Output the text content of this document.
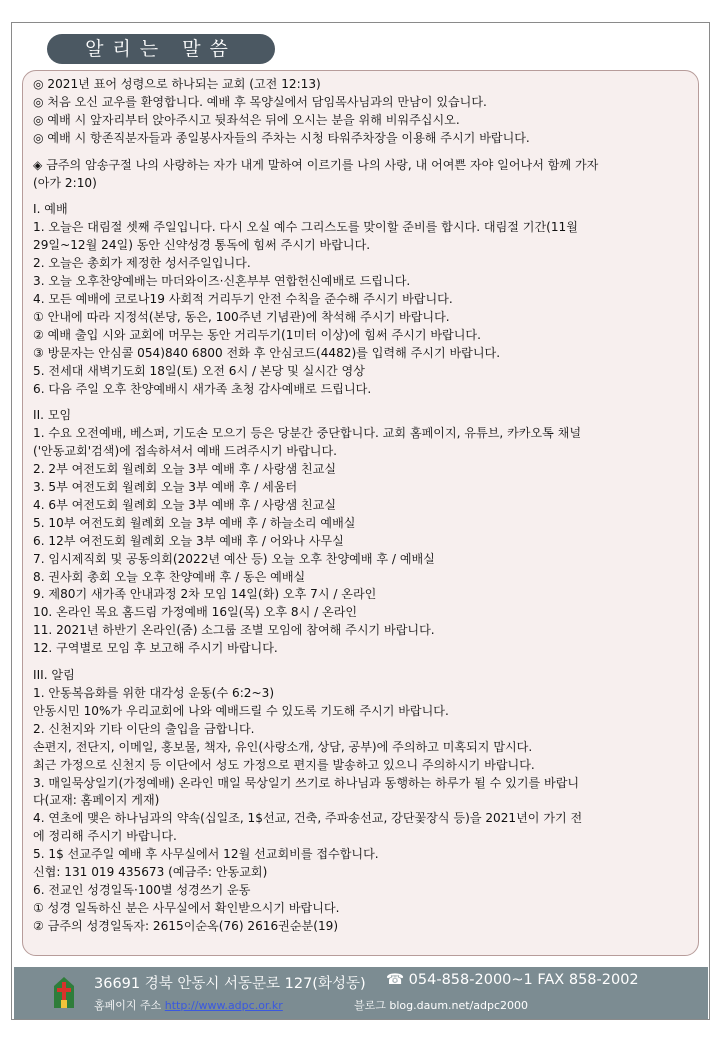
알리는 말씀
◎ 2021년 표어 성령으로 하나되는 교회 (고전 12:13)
◎ 처음 오신 교우를 환영합니다. 예배 후 목양실에서 담임목사님과의 만남이 있습니다.
◎ 예배 시 앞자리부터 앉아주시고 뒷좌석은 뒤에 오시는 분을 위해 비워주십시오.
◎ 예배 시 항존직분자들과 종일봉사자들의 주차는 시청 타워주차장을 이용해 주시기 바랍니다.
◈ 금주의 암송구절 나의 사랑하는 자가 내게 말하여 이르기를 나의 사랑, 내 어여쁜 자야 일어나서 함께 가자
(아가 2:10)
I. 예배
1. 오늘은 대림절 셋째 주일입니다. 다시 오실 예수 그리스도를 맞이할 준비를 합시다. 대림절 기간(11월
29일~12월 24일) 동안 신약성경 통독에 힘써 주시기 바랍니다.
2. 오늘은 총회가 제정한 성서주일입니다.
3. 오늘 오후찬양예배는 마더와이즈·신혼부부 연합헌신예배로 드립니다.
4. 모든 예배에 코로나19 사회적 거리두기 안전 수칙을 준수해 주시기 바랍니다.
① 안내에 따라 지정석(본당, 동은, 100주년 기념관)에 착석해 주시기 바랍니다.
② 예배 출입 시와 교회에 머무는 동안 거리두기(1미터 이상)에 힘써 주시기 바랍니다.
③ 방문자는 안심콜 054)840 6800 전화 후 안심코드(4482)를 입력해 주시기 바랍니다.
5. 전세대 새벽기도회 18일(토) 오전 6시 / 본당 및 실시간 영상
6. 다음 주일 오후 찬양예배시 새가족 초청 감사예배로 드립니다.
II. 모임
1. 수요 오전예배, 베스퍼, 기도손 모으기 등은 당분간 중단합니다. 교회 홈페이지, 유튜브, 카카오톡 채널
('안동교회'검색)에 접속하셔서 예배 드려주시기 바랍니다.
2. 2부 여전도회 월례회 오늘 3부 예배 후 / 사랑샘 친교실
3. 5부 여전도회 월례회 오늘 3부 예배 후 / 세움터
4. 6부 여전도회 월례회 오늘 3부 예배 후 / 사랑샘 친교실
5. 10부 여전도회 월례회 오늘 3부 예배 후 / 하늘소리 예배실
6. 12부 여전도회 월례회 오늘 3부 예배 후 / 어와나 사무실
7. 임시제직회 및 공동의회(2022년 예산 등) 오늘 오후 찬양예배 후 / 예배실
8. 권사회 총회 오늘 오후 찬양예배 후 / 동은 예배실
9. 제80기 새가족 안내과정 2차 모임 14일(화) 오후 7시 / 온라인
10. 온라인 목요 홈드림 가정예배 16일(목) 오후 8시 / 온라인
11. 2021년 하반기 온라인(줌) 소그룹 조별 모임에 참여해 주시기 바랍니다.
12. 구역별로 모임 후 보고해 주시기 바랍니다.
III. 알림
1. 안동복음화를 위한 대각성 운동(수 6:2~3)
안동시민 10%가 우리교회에 나와 예배드릴 수 있도록 기도해 주시기 바랍니다.
2. 신천지와 기타 이단의 출입을 금합니다.
손편지, 전단지, 이메일, 홍보물, 책자, 유인(사랑소개, 상담, 공부)에 주의하고 미혹되지 맙시다.
최근 가정으로 신천지 등 이단에서 성도 가정으로 편지를 발송하고 있으니 주의하시기 바랍니다.
3. 매일묵상일기(가정예배) 온라인 매일 묵상일기 쓰기로 하나님과 동행하는 하루가 될 수 있기를 바랍니
다(교재: 홈페이지 게재)
4. 연초에 맺은 하나님과의 약속(십일조, 1$선교, 건축, 주파송선교, 강단꽃장식 등)을 2021년이 가기 전
에 정리해 주시기 바랍니다.
5. 1$ 선교주일 예배 후 사무실에서 12월 선교회비를 접수합니다.
신협: 131 019 435673 (예금주: 안동교회)
6. 전교인 성경일독·100별 성경쓰기 운동
① 성경 일독하신 분은 사무실에서 확인받으시기 바랍니다.
② 금주의 성경일독자: 2615이순옥(76) 2616권순분(19)
36691 경북 안동시 서동문로 127(화성동) ☎ 054-858-2000~1 FAX 858-2002
홈페이지 주소 http://www.adpc.or.kr	블로그 blog.daum.net/adpc2000
